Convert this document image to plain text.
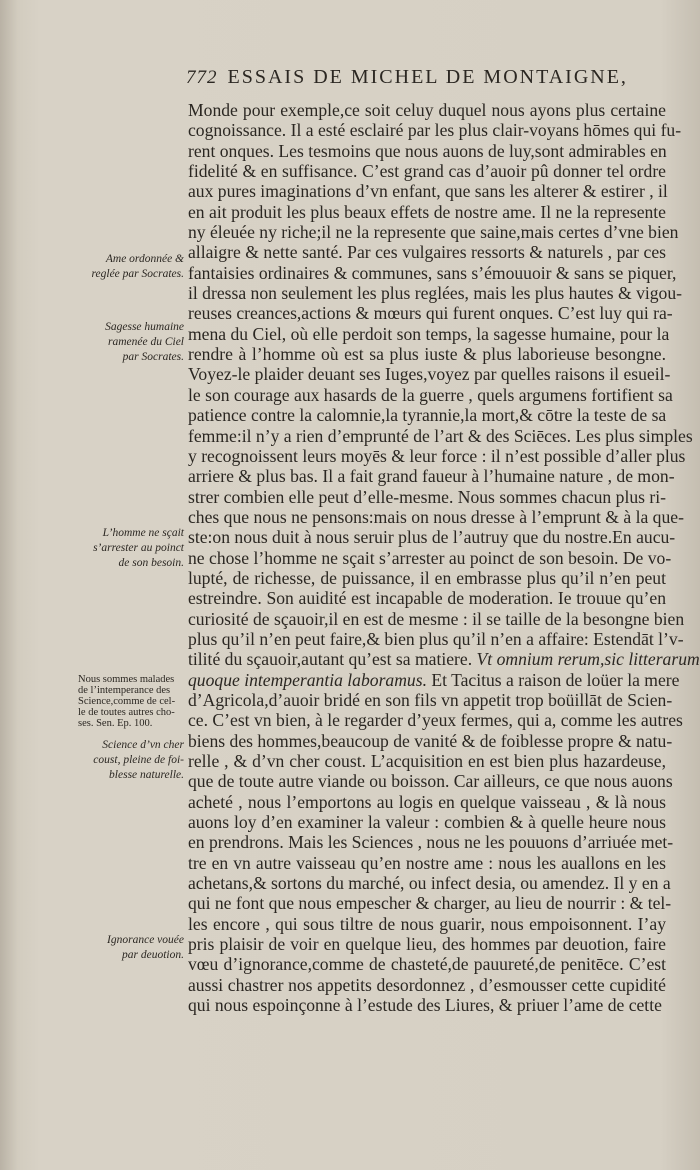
772 ESSAIS DE MICHEL DE MONTAIGNE,
Monde pour exemple,ce soit celuy duquel nous ayons plus certaine
cognoissance. Il a esté esclairé par les plus clair-voyans hōmes qui fu-
rent onques. Les tesmoins que nous auons de luy,sont admirables en
fidelité & en suffisance. C’est grand cas d’auoir pû donner tel ordre
aux pures imaginations d’vn enfant, que sans les alterer & estirer , il
en ait produit les plus beaux effets de nostre ame. Il ne la represente
ny éleuée ny riche;il ne la represente que saine,mais certes d’vne bien
allaigre & nette santé. Par ces vulgaires ressorts & naturels , par ces
fantaisies ordinaires & communes, sans s’émouuoir & sans se piquer,
il dressa non seulement les plus reglées, mais les plus hautes & vigou-
reuses creances,actions & mœurs qui furent onques. C’est luy qui ra-
mena du Ciel, où elle perdoit son temps, la sagesse humaine, pour la
rendre à l’homme où est sa plus iuste & plus laborieuse besongne.
Voyez-le plaider deuant ses Iuges,voyez par quelles raisons il esueil-
le son courage aux hasards de la guerre , quels argumens fortifient sa
patience contre la calomnie,la tyrannie,la mort,& cōtre la teste de sa
femme:il n’y a rien d’emprunté de l’art & des Sciēces. Les plus simples
y recognoissent leurs moyēs & leur force : il n’est possible d’aller plus
arriere & plus bas. Il a fait grand faueur à l’humaine nature , de mon-
strer combien elle peut d’elle-mesme. Nous sommes chacun plus ri-
ches que nous ne pensons:mais on nous dresse à l’emprunt & à la que-
ste:on nous duit à nous seruir plus de l’autruy que du nostre.En aucu-
ne chose l’homme ne sçait s’arrester au poinct de son besoin. De vo-
lupté, de richesse, de puissance, il en embrasse plus qu’il n’en peut
estreindre. Son auidité est incapable de moderation. Ie trouue qu’en
curiosité de sçauoir,il en est de mesme : il se taille de la besongne bien
plus qu’il n’en peut faire,& bien plus qu’il n’en a affaire: Estendāt l’v-
tilité du sçauoir,autant qu’est sa matiere. Vt omnium rerum,sic litterarum
quoque intemperantia laboramus. Et Tacitus a raison de loüer la mere
d’Agricola,d’auoir bridé en son fils vn appetit trop boüillāt de Scien-
ce. C’est vn bien, à le regarder d’yeux fermes, qui a, comme les autres
biens des hommes,beaucoup de vanité & de foiblesse propre & natu-
relle , & d’vn cher coust. L’acquisition en est bien plus hazardeuse,
que de toute autre viande ou boisson. Car ailleurs, ce que nous auons
acheté , nous l’emportons au logis en quelque vaisseau , & là nous
auons loy d’en examiner la valeur : combien & à quelle heure nous
en prendrons. Mais les Sciences , nous ne les pouuons d’arriuée met-
tre en vn autre vaisseau qu’en nostre ame : nous les auallons en les
achetans,& sortons du marché, ou infect desia, ou amendez. Il y en a
qui ne font que nous empescher & charger, au lieu de nourrir : & tel-
les encore , qui sous tiltre de nous guarir, nous empoisonnent. I’ay
pris plaisir de voir en quelque lieu, des hommes par deuotion, faire
vœu d’ignorance,comme de chasteté,de pauureté,de penitēce. C’est
aussi chastrer nos appetits desordonnez , d’esmousser cette cupidité
qui nous espoinçonne à l’estude des Liures, & priuer l’ame de cette
Ame ordonnée &
reglée par Socrates.
Sagesse humaine
ramenée du Ciel
par Socrates.
L’homme ne sçait
s’arrester au poinct
de son besoin.
Nous sommes malades
de l’intemperance des
Science,comme de cel-
le de toutes autres cho-
ses. Sen. Ep. 100.
Science d’vn cher
coust, pleine de foi-
blesse naturelle.
Ignorance vouée
par deuotion.
